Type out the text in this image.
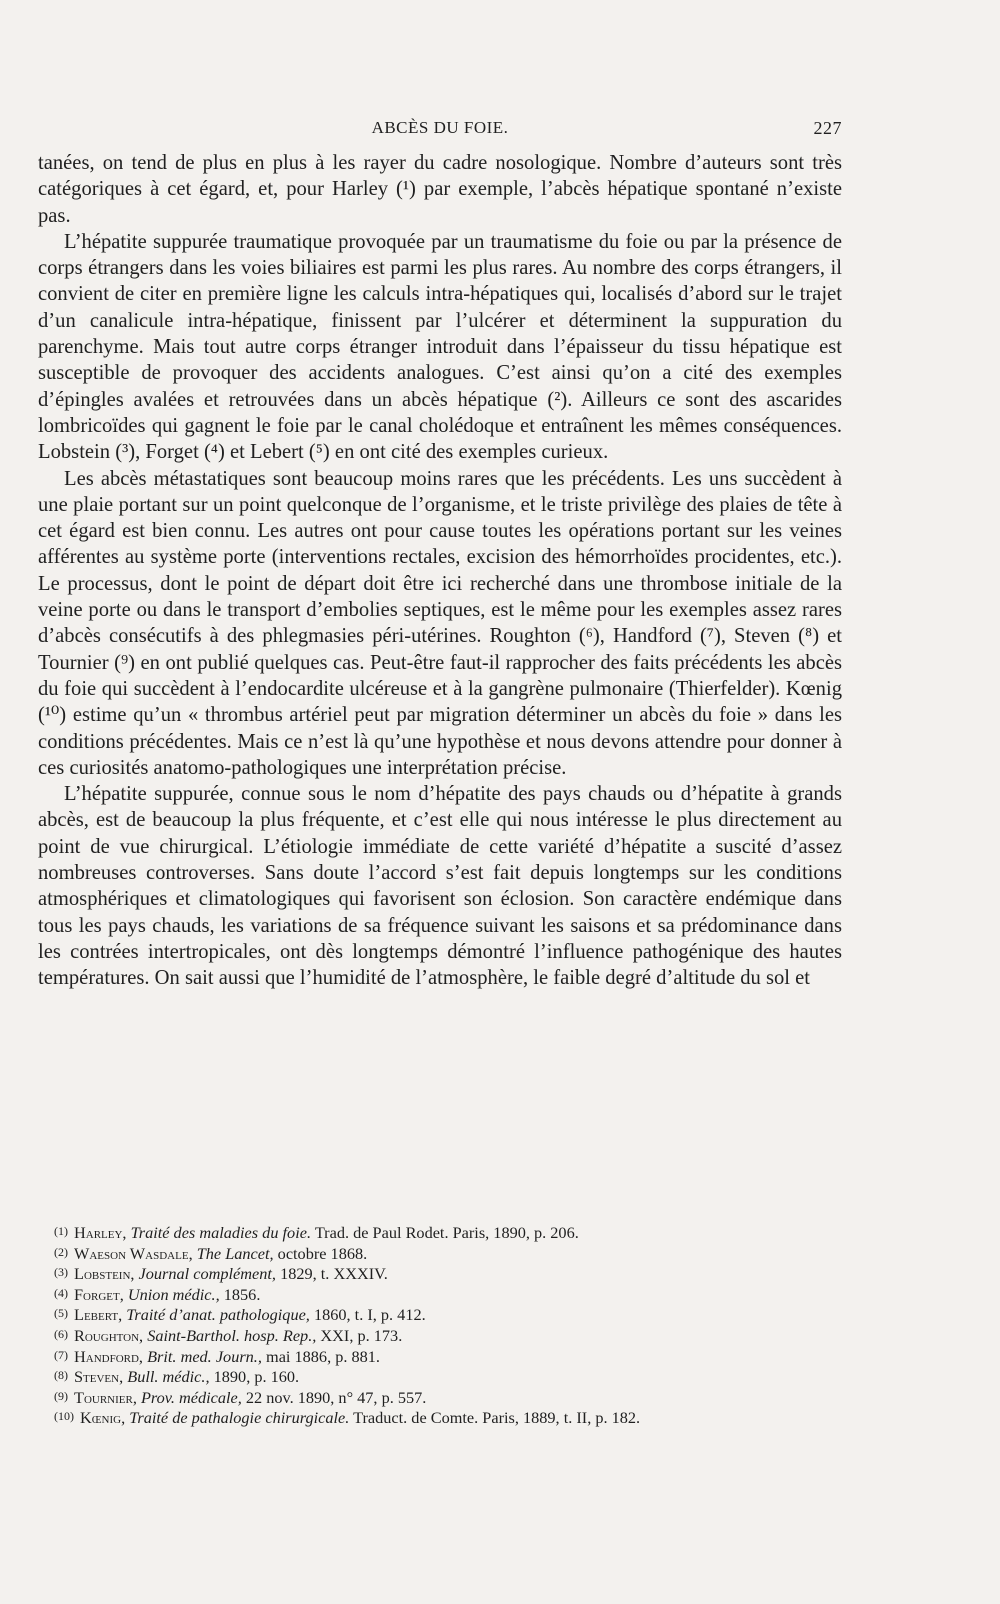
ABCÈS DU FOIE.	227

tanées, on tend de plus en plus à les rayer du cadre nosologique. Nombre d’auteurs sont très catégoriques à cet égard, et, pour Harley (¹) par exemple, l’abcès hépatique spontané n’existe pas.

L’hépatite suppurée traumatique provoquée par un traumatisme du foie ou par la présence de corps étrangers dans les voies biliaires est parmi les plus rares. Au nombre des corps étrangers, il convient de citer en première ligne les calculs intra-hépatiques qui, localisés d’abord sur le trajet d’un canalicule intra-hépatique, finissent par l’ulcérer et déterminent la suppuration du parenchyme. Mais tout autre corps étranger introduit dans l’épaisseur du tissu hépatique est susceptible de provoquer des accidents analogues. C’est ainsi qu’on a cité des exemples d’épingles avalées et retrouvées dans un abcès hépatique (²). Ailleurs ce sont des ascarides lombricoïdes qui gagnent le foie par le canal cholédoque et entraînent les mêmes conséquences. Lobstein (³), Forget (⁴) et Lebert (⁵) en ont cité des exemples curieux.

Les abcès métastatiques sont beaucoup moins rares que les précédents. Les uns succèdent à une plaie portant sur un point quelconque de l’organisme, et le triste privilège des plaies de tête à cet égard est bien connu. Les autres ont pour cause toutes les opérations portant sur les veines afférentes au système porte (interventions rectales, excision des hémorrhoïdes procidentes, etc.). Le processus, dont le point de départ doit être ici recherché dans une thrombose initiale de la veine porte ou dans le transport d’embolies septiques, est le même pour les exemples assez rares d’abcès consécutifs à des phlegmasies péri-utérines. Roughton (⁶), Handford (⁷), Steven (⁸) et Tournier (⁹) en ont publié quelques cas. Peut-être faut-il rapprocher des faits précédents les abcès du foie qui succèdent à l’endocardite ulcéreuse et à la gangrène pulmonaire (Thierfelder). Kœnig (¹⁰) estime qu’un « thrombus artériel peut par migration déterminer un abcès du foie » dans les conditions précédentes. Mais ce n’est là qu’une hypothèse et nous devons attendre pour donner à ces curiosités anatomo-pathologiques une interprétation précise.

L’hépatite suppurée, connue sous le nom d’hépatite des pays chauds ou d’hépatite à grands abcès, est de beaucoup la plus fréquente, et c’est elle qui nous intéresse le plus directement au point de vue chirurgical. L’étiologie immédiate de cette variété d’hépatite a suscité d’assez nombreuses controverses. Sans doute l’accord s’est fait depuis longtemps sur les conditions atmosphériques et climatologiques qui favorisent son éclosion. Son caractère endémique dans tous les pays chauds, les variations de sa fréquence suivant les saisons et sa prédominance dans les contrées intertropicales, ont dès longtemps démontré l’influence pathogénique des hautes températures. On sait aussi que l’humidité de l’atmosphère, le faible degré d’altitude du sol et

(1) Harley, Traité des maladies du foie. Trad. de Paul Rodet. Paris, 1890, p. 206.
(2) Waeson Wasdale, The Lancet, octobre 1868.
(3) Lobstein, Journal complément, 1829, t. XXXIV.
(4) Forget, Union médic., 1856.
(5) Lebert, Traité d’anat. pathologique, 1860, t. I, p. 412.
(6) Roughton, Saint-Barthol. hosp. Rep., XXI, p. 173.
(7) Handford, Brit. med. Journ., mai 1886, p. 881.
(8) Steven, Bull. médic., 1890, p. 160.
(9) Tournier, Prov. médicale, 22 nov. 1890, n° 47, p. 557.
(10) Kœnig, Traité de pathalogie chirurgicale. Traduct. de Comte. Paris, 1889, t. II, p. 182.
